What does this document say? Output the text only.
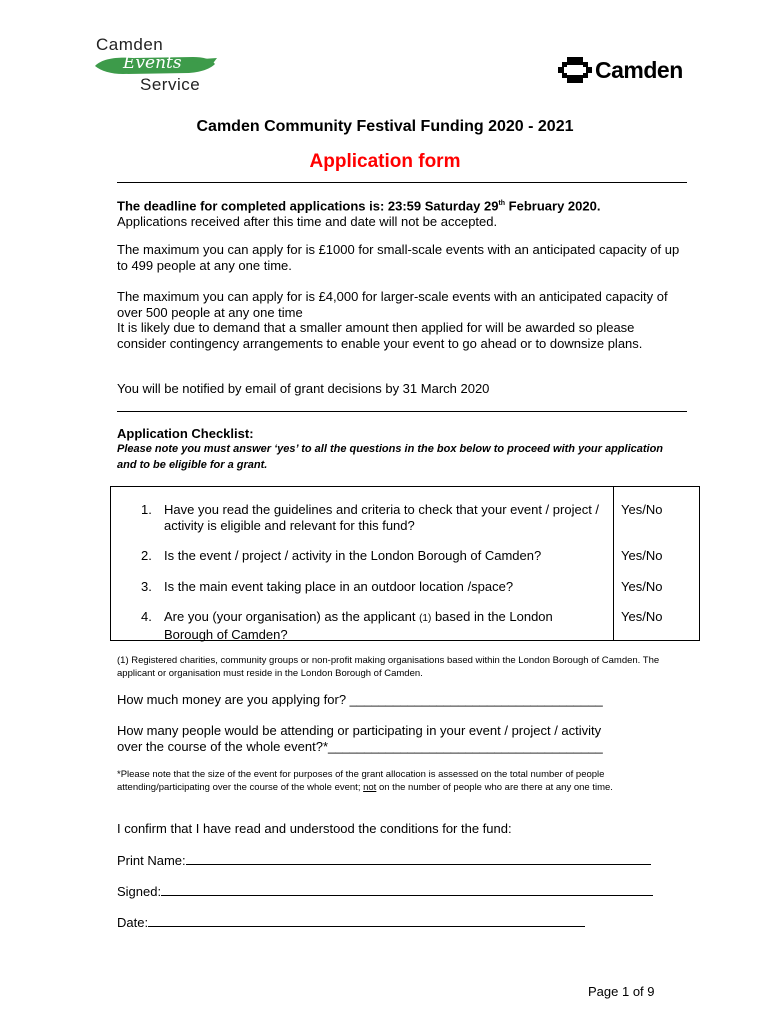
Camden
Events
Service
Camden
Camden Community Festival Funding 2020 - 2021
Application form
The deadline for completed applications is: 23:59 Saturday 29th February 2020.
Applications received after this time and date will not be accepted.
The maximum you can apply for is £1000 for small-scale events with an anticipated capacity of up to 499 people at any one time.
The maximum you can apply for is £4,000 for larger-scale events with an anticipated capacity of over 500 people at any one time
It is likely due to demand that a smaller amount then applied for will be awarded so please consider contingency arrangements to enable your event to go ahead or to downsize plans.
You will be notified by email of grant decisions by 31 March 2020
Application Checklist:
Please note you must answer ‘yes’ to all the questions in the box below to proceed with your application and to be eligible for a grant.
1. Have you read the guidelines and criteria to check that your event / project / activity is eligible and relevant for this fund?
Yes/No
2. Is the event / project / activity in the London Borough of Camden?	Yes/No
3. Is the main event taking place in an outdoor location /space?	Yes/No
4. Are you (your organisation) as the applicant (1) based in the London Borough of Camden?
Yes/No
(1) Registered charities, community groups or non-profit making organisations based within the London Borough of Camden. The applicant or organisation must reside in the London Borough of Camden.
How much money are you applying for? ___________________________________
How many people would be attending or participating in your event / project / activity
over the course of the whole event?*______________________________________
*Please note that the size of the event for purposes of the grant allocation is assessed on the total number of people attending/participating over the course of the whole event; not on the number of people who are there at any one time.
I confirm that I have read and understood the conditions for the fund:
Print Name:
Signed:
Date:
Page 1 of 9
